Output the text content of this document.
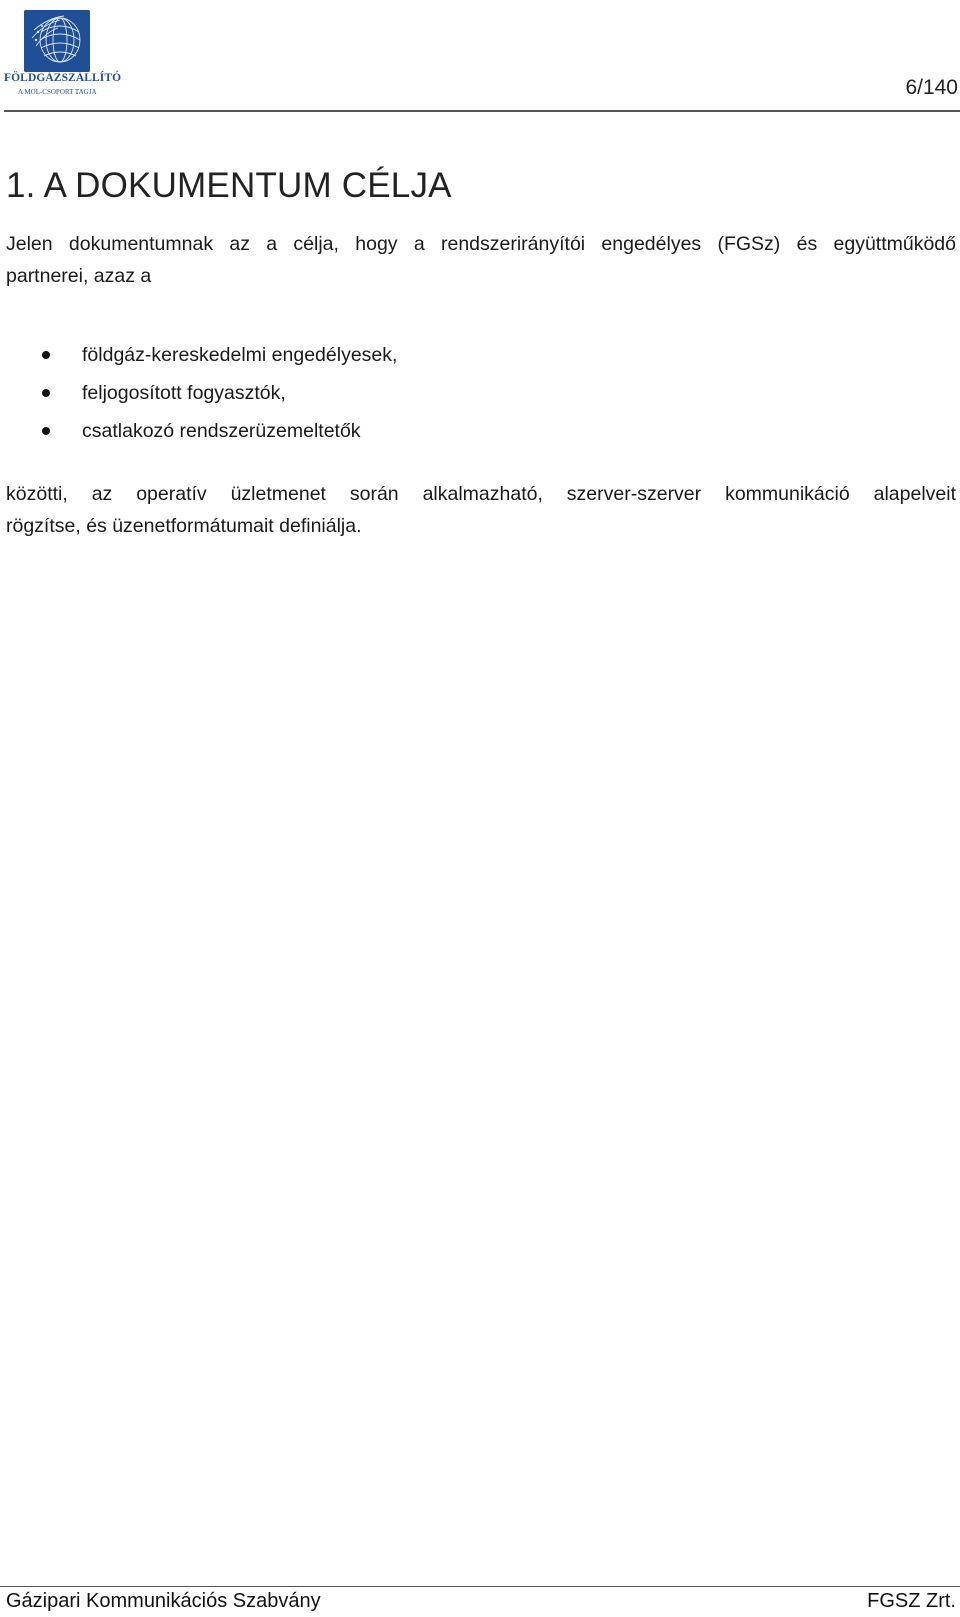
FÖLDGÁZSZÁLLÍTÓ
A MOL-CSOPORT TAGJA	6/140
1. A DOKUMENTUM CÉLJA
Jelen dokumentumnak az a célja, hogy a rendszerirányítói engedélyes (FGSz) és együttműködő
partnerei, azaz a
földgáz-kereskedelmi engedélyesek,
feljogosított fogyasztók,
csatlakozó rendszerüzemeltetők
közötti, az operatív üzletmenet során alkalmazható, szerver-szerver kommunikáció alapelveit
rögzítse, és üzenetformátumait definiálja.
Gázipari Kommunikációs Szabvány	FGSZ Zrt.
